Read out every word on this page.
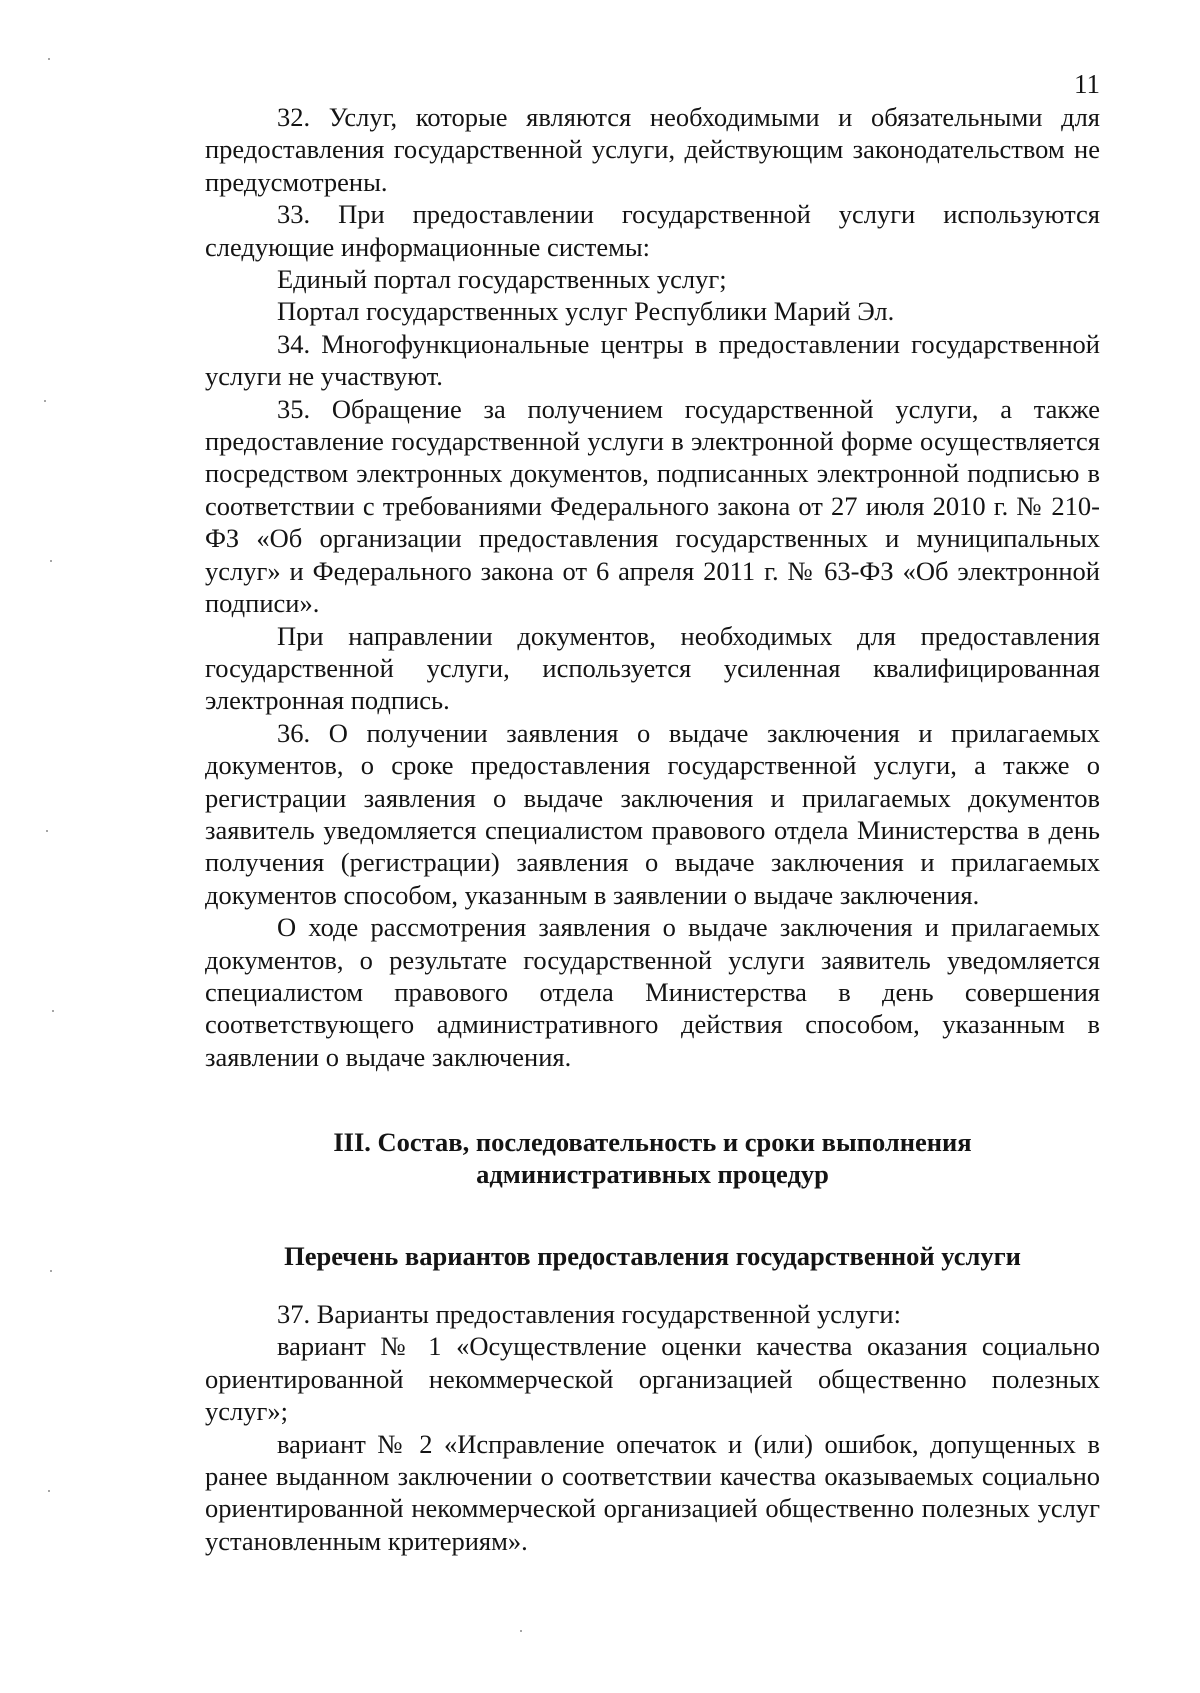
11

32. Услуг, которые являются необходимыми и обязательными для предоставления государственной услуги, действующим законодательством не предусмотрены.

33. При предоставлении государственной услуги используются следующие информационные системы:

Единый портал государственных услуг;

Портал государственных услуг Республики Марий Эл.

34. Многофункциональные центры в предоставлении государственной услуги не участвуют.

35. Обращение за получением государственной услуги, а также предоставление государственной услуги в электронной форме осуществляется посредством электронных документов, подписанных электронной подписью в соответствии с требованиями Федерального закона от 27 июля 2010 г. № 210-ФЗ «Об организации предоставления государственных и муниципальных услуг» и Федерального закона от 6 апреля 2011 г. № 63-ФЗ «Об электронной подписи».

При направлении документов, необходимых для предоставления государственной услуги, используется усиленная квалифицированная электронная подпись.

36. О получении заявления о выдаче заключения и прилагаемых документов, о сроке предоставления государственной услуги, а также о регистрации заявления о выдаче заключения и прилагаемых документов заявитель уведомляется специалистом правового отдела Министерства в день получения (регистрации) заявления о выдаче заключения и прилагаемых документов способом, указанным в заявлении о выдаче заключения.

О ходе рассмотрения заявления о выдаче заключения и прилагаемых документов, о результате государственной услуги заявитель уведомляется специалистом правового отдела Министерства в день совершения соответствующего административного действия способом, указанным в заявлении о выдаче заключения.

III. Состав, последовательность и сроки выполнения
административных процедур
Перечень вариантов предоставления государственной услуги

37. Варианты предоставления государственной услуги:

вариант № 1 «Осуществление оценки качества оказания социально ориентированной некоммерческой организацией общественно полезных услуг»;

вариант № 2 «Исправление опечаток и (или) ошибок, допущенных в ранее выданном заключении о соответствии качества оказываемых социально ориентированной некоммерческой организацией общественно полезных услуг установленным критериям».
